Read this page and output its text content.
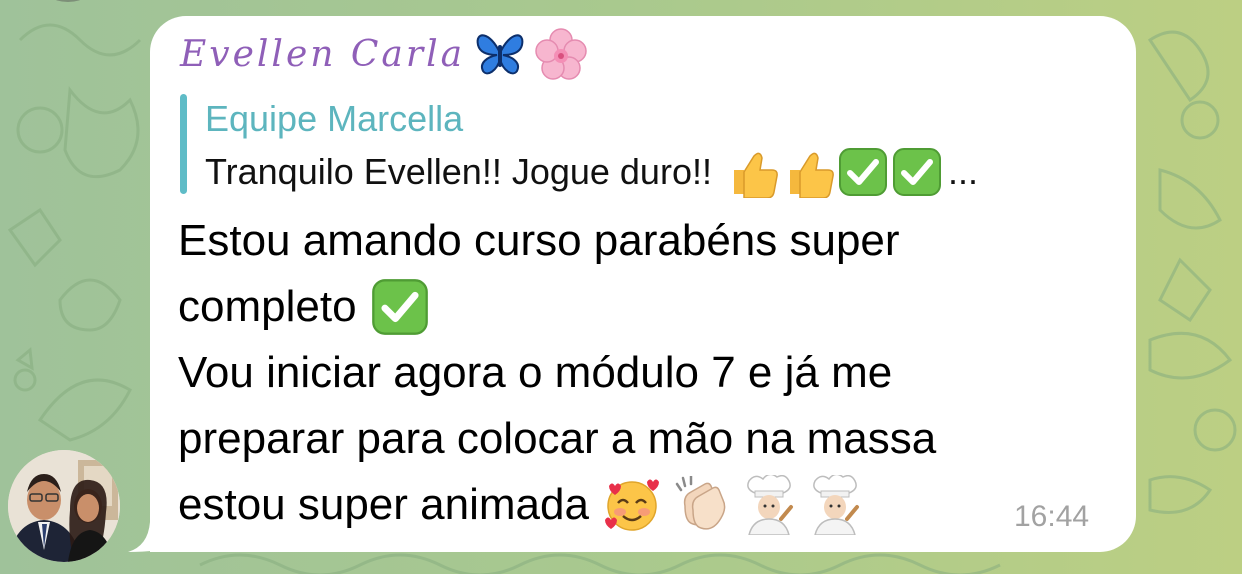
Evellen Carla
Equipe Marcella
Tranquilo Evellen!! Jogue duro!!	...
Estou amando curso parabéns super
completo
Vou iniciar agora o módulo 7 e já me
preparar para colocar a mão na massa
estou super animada	16:44
